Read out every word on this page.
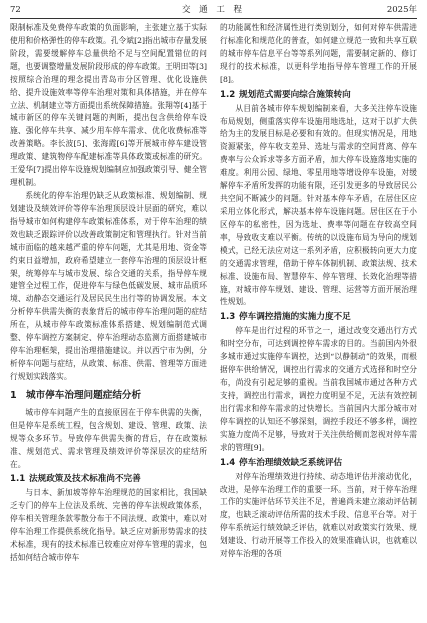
72	交 通 工 程	2025年

限制标准及免费停车政策的负面影响，主张建立基于实际使用和价格弹性的停车政策。孔令斌[2]指出城市存量发展阶段，需要缓解停车总量供给不足与空间配置错位的问题，也要调整增量发展阶段形成的停车政策。王明田等[3]按照综合治理的理念提出青岛市分区管理、优化设施供给、提升设施效率等停车治理对策和具体措施，并在停车立法、机制建立等方面提出系统保障措施。张翔等[4]基于城市新区的停车关键问题的判断，提出包含供给停车设施、强化停车共享、减少用车停车需求、优化收费标准等改善策略。李长波[5]、张海霞[6]等开展城市停车建设管理政策、建筑物停车配建标准等具体政策或标准的研究。王爱华[7]提出停车设施规划编制应加强政策引导、健全管理机制。

系统化的停车治理仍缺乏从政策标准、规划编制、规划建设及绩效评价等停车治理顶层设计层面的研究，难以指导城市如何构建停车政策标准体系，对于停车治理的绩效也缺乏跟踪评价以改善政策制定和管理执行。针对当前城市面临的越来越严重的停车问题，尤其是用地、资金等约束日益增加，政府希望建立一套停车治理的顶层设计框架，统筹停车与城市发展、综合交通的关系，指导停车规建管全过程工作，促进停车与绿色低碳发展、城市品质环境、动静态交通运行及居民民生出行等的协调发展。本文分析停车供需失衡的表象背后的城市停车治理问题的症结所在，从城市停车政策标准体系搭建、规划编制范式调整、停车调控方案制定、停车治理动态监测方面搭建城市停车治理框架，提出治理措施建议。并以西宁市为例，分析停车问题与症结，从政策、标准、供需、管理等方面进行规划实践落实。

1 城市停车治理问题症结分析

城市停车问题产生的直接原因在于停车供需的失衡，但是停车是系统工程，包含规划、建设、管理、政策、法规等众多环节。导致停车供需失衡的背后，存在政策标准、规划范式、需求管理及绩效评价等深层次的症结所在。

1.1 法规政策及技术标准尚不完善

与日本、新加坡等停车治理规范的国家相比，我国缺乏专门的停车上位法及系统、完善的停车法规政策体系，停车相关管理条款零散分布于不同法规、政策中，难以对停车治理工作提供系统化指导。缺乏应对新形势需求的技术标准，现有的技术标准已较难应对停车管理的需求，包括如何结合城市停车

的功能属性和经济属性进行类别划分，如何对停车供需进行标准化和规范化的普查，如何建立规范一致和共享互联的城市停车信息平台等等系列问题，需要制定新的、修订现行的技术标准，以更科学地指导停车管理工作的开展[8]。

1.2 规划范式需要向综合施策转向

从目前各城市停车规划编制来看，大多关注停车设施布局规划，侧重落实停车设施用地选址，这对于以扩大供给为主的发展目标是必要和有效的。但现实情况是，用地资源紧张，停车收支差异、选址与需求的空间背离、停车费率与公众诉求等多方面矛盾，加大停车设施落地实施的难度。利用公园、绿地、零星用地等增设停车设施，对缓解停车矛盾所发挥的功能有限，还引发更多的导致居民公共空间不断减少的问题。针对基本停车矛盾，在居住区应采用立体化形式，解决基本停车设施问题。居住区在于小区停车的私密性，因为选址、费率等问题在存较高空间率，导致收支难以平衡。传统的以设施布局为导向的规划模式，已经无法应对这一系列矛盾，应积极转向更大力度的交通需求管理，借助于停车体制机制、政策法规、技术标准、设施布局、智慧停车、停车管理、长效化治理等措施，对城市停车规划、建设、管理、运营等方面开展治理性规划。

1.3 停车调控措施的实施力度不足

停车是出行过程的环节之一，通过改变交通出行方式和时空分布，可达到调控停车需求的目的。当前国内外很多城市通过实施停车调控，达到“以静制动”的效果，而根据停车供给情况，调控出行需求的交通方式选择和时空分布，尚没有引起足够的重视。当前我国城市通过各种方式支持，调控出行需求，调控力度明显不足，无法有效控制出行需求和停车需求的过快增长。当前国内大部分城市对停车调控的认知还不够深刻，调控手段还不够多样，调控实施力度尚不足够，导致对于关注供给侧而忽视对停车需求的管理[9]。

1.4 停车治理绩效缺乏系统评估

对停车治理绩效进行持续、动态地评估并滚动优化，改进，是停车治理工作的重要一环。当前，对于停车治理工作的实施评估环节关注不足，普遍尚未建立滚动评估制度，也缺乏滚动评估所需的技术手段、信息平台等。对于停车系统运行绩效缺乏评估，就难以对政策实行效果、规划建设、行动开展等工作投入的效果准确认识，也就难以对停车治理的各项
